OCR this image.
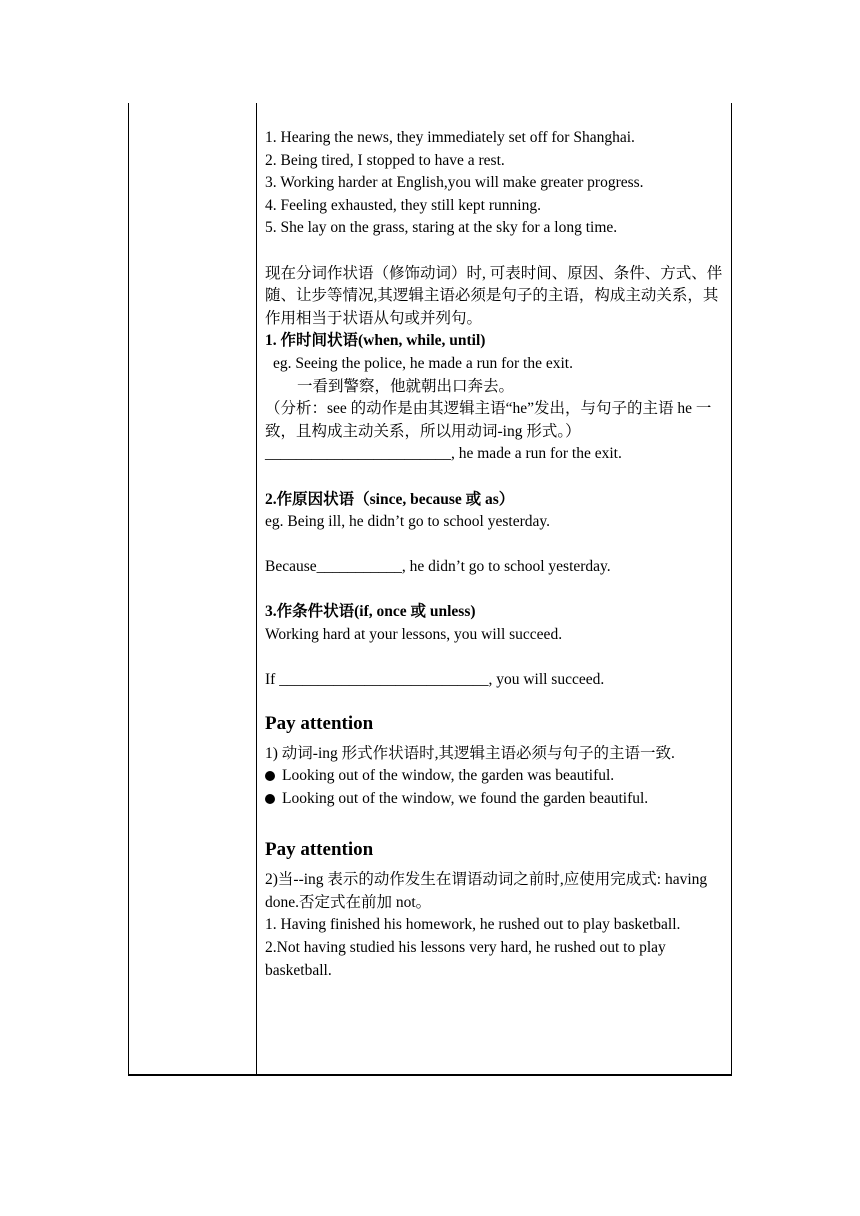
1. Hearing the news, they immediately set off for Shanghai.
2. Being tired, I stopped to have a rest.
3. Working harder at English,you will make greater progress.
4. Feeling exhausted, they still kept running.
5. She lay on the grass, staring at the sky for a long time.
现在分词作状语（修饰动词）时, 可表时间、原因、条件、方式、伴随、让步等情况,其逻辑主语必须是句子的主语，构成主动关系，其作用相当于状语从句或并列句。
1. 作时间状语(when, while, until)
eg. Seeing the police, he made a run for the exit.
一看到警察，他就朝出口奔去。
（分析：see 的动作是由其逻辑主语“he”发出，与句子的主语 he 一致，且构成主动关系，所以用动词-ing 形式。）
________________________, he made a run for the exit.
2.作原因状语（since, because 或 as）
eg. Being ill, he didn’t go to school yesterday.
Because___________, he didn’t go to school yesterday.
3.作条件状语(if, once 或 unless)
Working hard at your lessons, you will succeed.
If ___________________________, you will succeed.
Pay attention
1) 动词-ing 形式作状语时,其逻辑主语必须与句子的主语一致.
Looking out of the window, the garden was beautiful.
Looking out of the window, we found the garden beautiful.
Pay attention
2)当--ing 表示的动作发生在谓语动词之前时,应使用完成式: having done.否定式在前加 not。
1. Having finished his homework, he rushed out to play basketball.
2.Not having studied his lessons very hard, he rushed out to play basketball.
